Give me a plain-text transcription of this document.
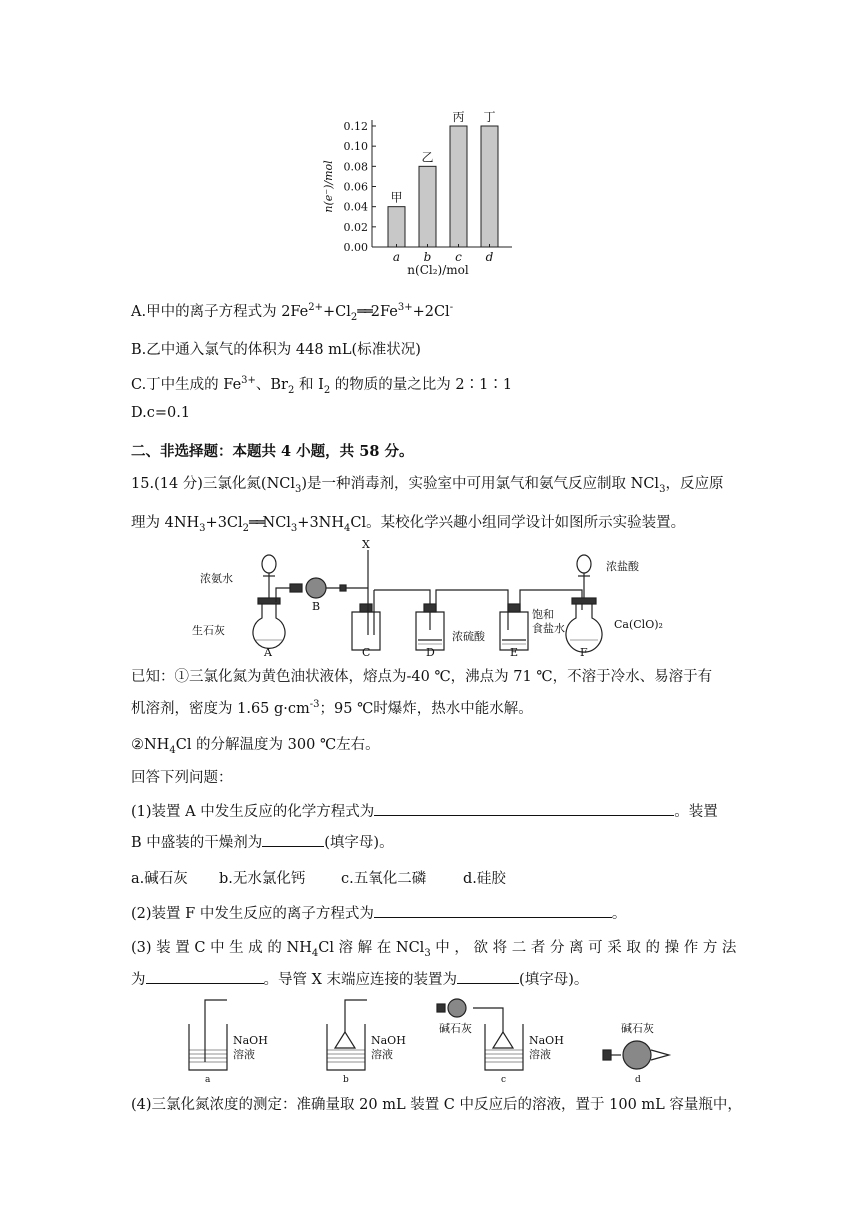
0.00
0.02
0.04
0.06
0.08
0.10
0.12
n(e⁻)/mol	甲
a
乙
b
丙
c
丁
d
n(Cl₂)/mol
A.甲中的离子方程式为 $2Fe^{2+}+Cl_2══2Fe^{3+}+2Cl^-$
B.乙中通入氯气的体积为 448 mL(标准状况)
C.丁中生成的 $Fe^{3+}$、$Br_2$ 和 $I_2$ 的物质的量之比为 2∶1∶1
D.c=0.1
二、非选择题：本题共 4 小题，共 58 分。
15.(14 分)三氯化氮(NCl$_3$)是一种消毒剂，实验室中可用氯气和氨气反应制取 NCl$_3$，反应原
理为 $4NH_3+3Cl_2══NCl_3+3NH_4Cl$。某校化学兴趣小组同学设计如图所示实验装置。
浓氨水
生石灰
X
浓硫酸
饱和
食盐水
浓盐酸
Ca(ClO)₂
A
B
C	D	E	F
已知：①三氯化氮为黄色油状液体，熔点为-40 ℃，沸点为 71 ℃，不溶于冷水、易溶于有
机溶剂，密度为 1.65 $g\cdot cm^{-3}$；95 ℃时爆炸，热水中能水解。
$②NH_4Cl$ 的分解温度为 300 ℃左右。
回答下列问题：
(1)装置 A 中发生反应的化学方程式为	。装置
B 中盛装的干燥剂为	(填字母)。
a.碱石灰 b.无水氯化钙 c.五氧化二磷	d.硅胶
(2)装置 F 中发生反应的离子方程式为	。
(3) 装 置 C 中 生 成 的 $NH_4Cl$ 溶 解 在 NCl$_3$ 中 ， 欲 将 二 者 分 离 可 采 取 的 操 作 方 法
为	。导管 X 末端应连接的装置为	(填字母)。
NaOH
溶液
NaOH
溶液
碱石灰
NaOH
溶液
碱石灰
a	b	c	d
(4)三氯化氮浓度的测定：准确量取 20 mL 装置 C 中反应后的溶液，置于 100 mL 容量瓶中，
